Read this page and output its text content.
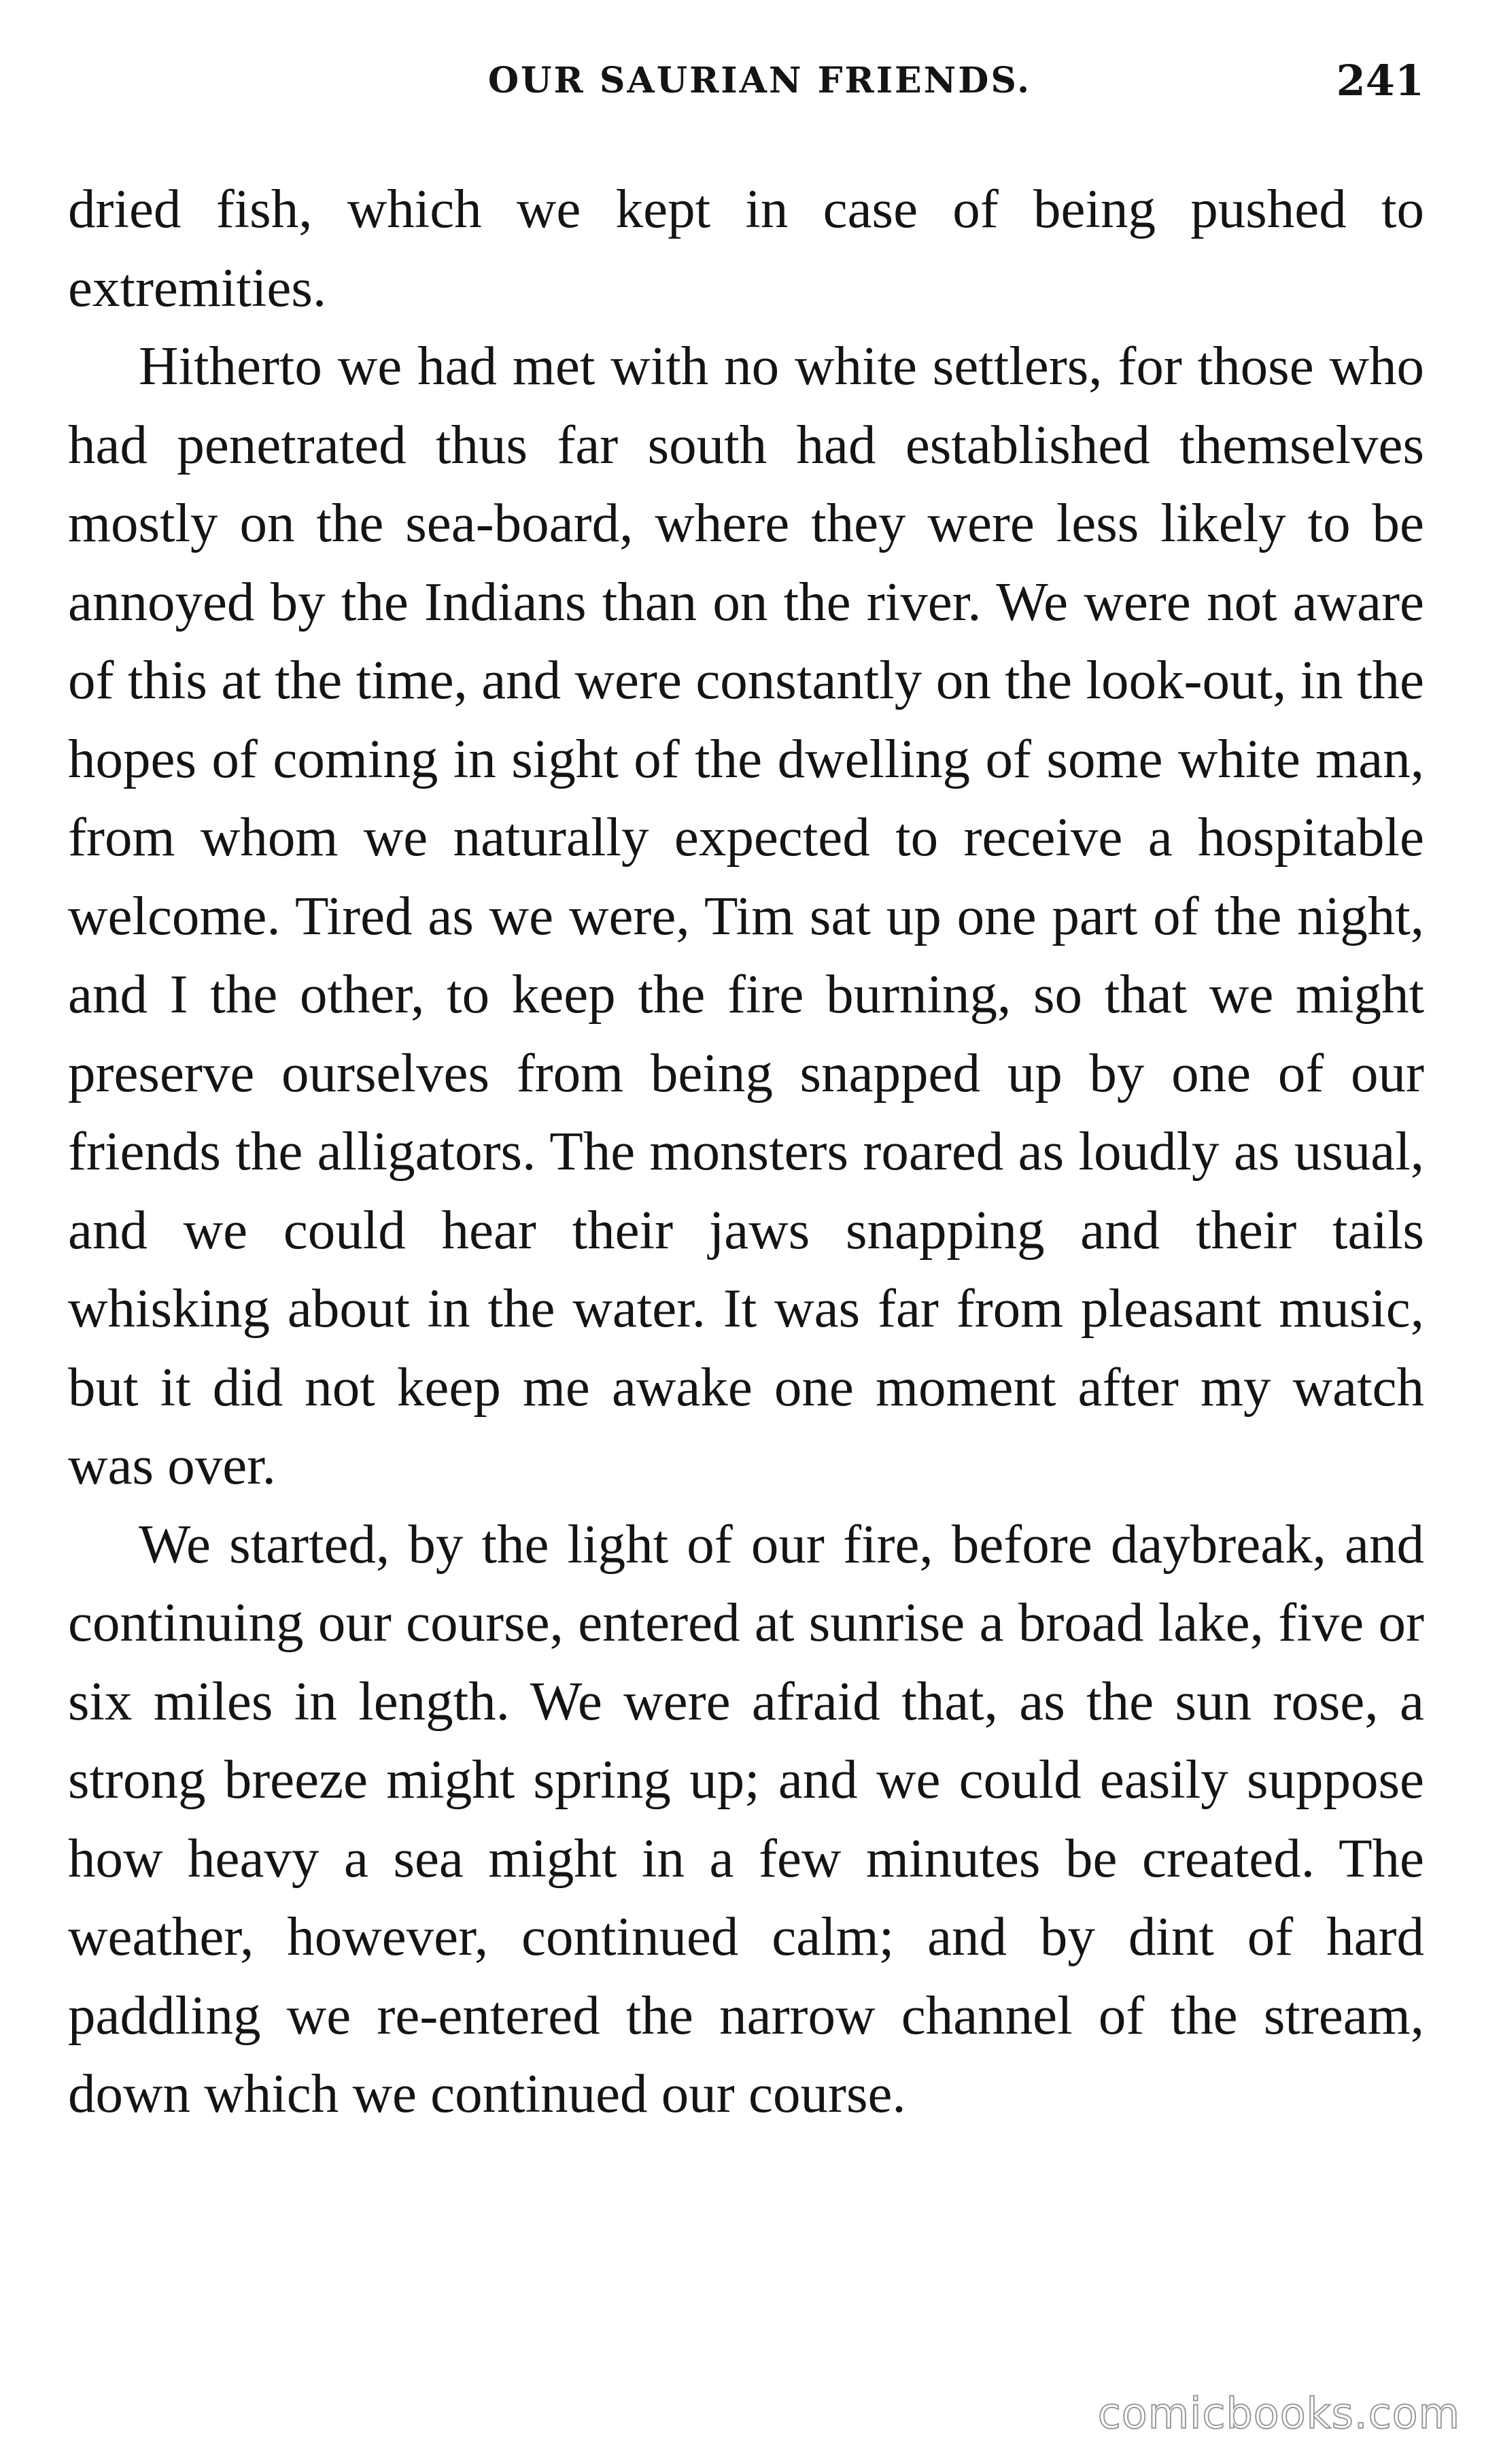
OUR SAURIAN FRIENDS.	241

dried fish, which we kept in case of being pushed to extremities.

Hitherto we had met with no white settlers, for those who had penetrated thus far south had established themselves mostly on the sea-board, where they were less likely to be annoyed by the Indians than on the river. We were not aware of this at the time, and were constantly on the look-out, in the hopes of coming in sight of the dwelling of some white man, from whom we naturally expected to receive a hospitable welcome. Tired as we were, Tim sat up one part of the night, and I the other, to keep the fire burning, so that we might preserve ourselves from being snapped up by one of our friends the alligators. The monsters roared as loudly as usual, and we could hear their jaws snapping and their tails whisking about in the water. It was far from pleasant music, but it did not keep me awake one moment after my watch was over.

We started, by the light of our fire, before daybreak, and continuing our course, entered at sunrise a broad lake, five or six miles in length. We were afraid that, as the sun rose, a strong breeze might spring up; and we could easily suppose how heavy a sea might in a few minutes be created. The weather, however, continued calm; and by dint of hard paddling we re-entered the narrow channel of the stream, down which we continued our course.

comicbooks.com
